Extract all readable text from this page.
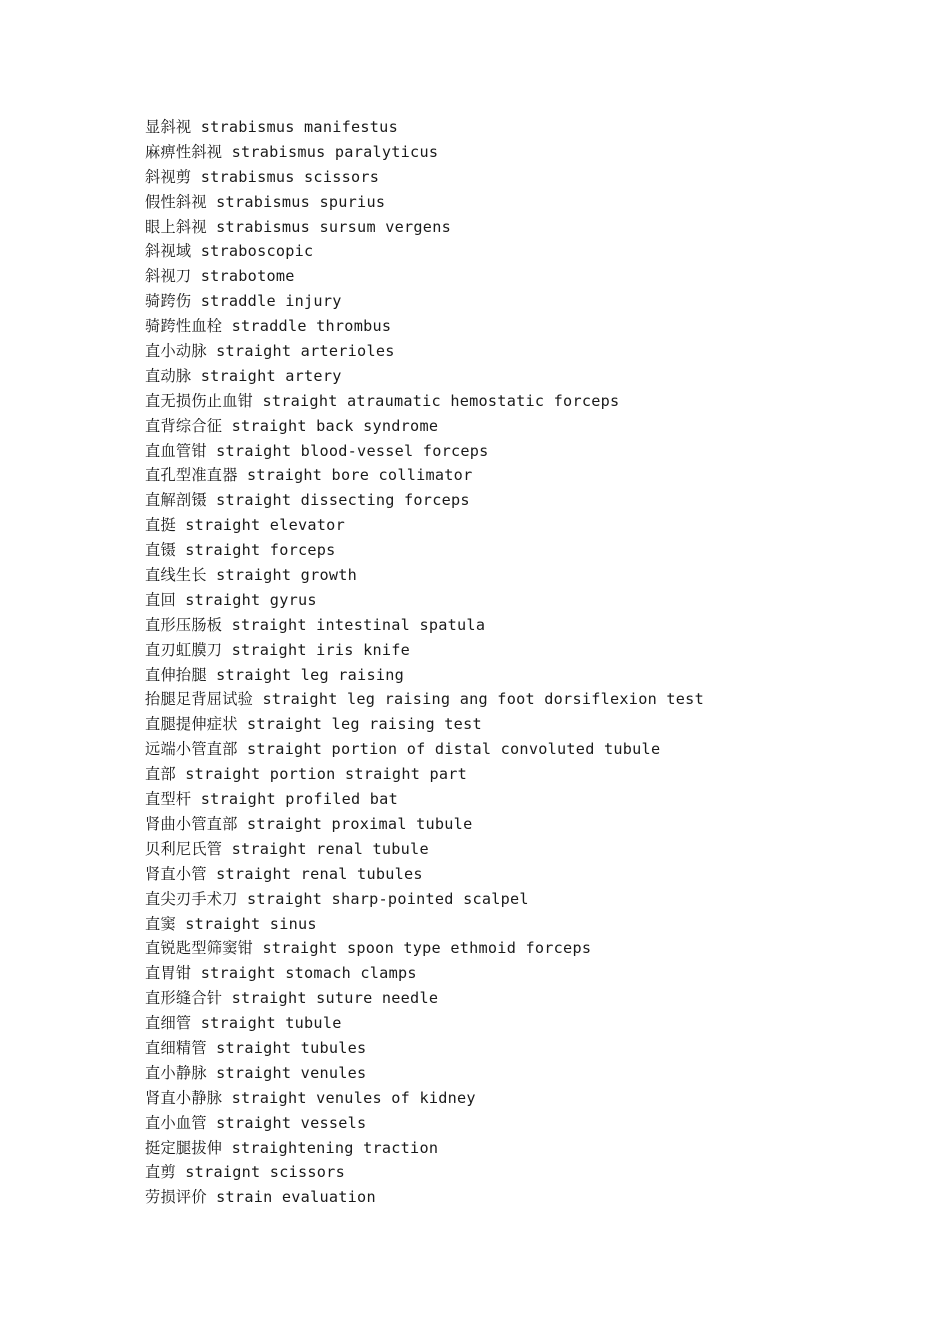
显斜视 strabismus manifestus
麻痹性斜视 strabismus paralyticus
斜视剪 strabismus scissors
假性斜视 strabismus spurius
眼上斜视 strabismus sursum vergens
斜视域 straboscopic
斜视刀 strabotome
骑跨伤 straddle injury
骑跨性血栓 straddle thrombus
直小动脉 straight arterioles
直动脉 straight artery
直无损伤止血钳 straight atraumatic hemostatic forceps
直背综合征 straight back syndrome
直血管钳 straight blood-vessel forceps
直孔型准直器 straight bore collimator
直解剖镊 straight dissecting forceps
直挺 straight elevator
直镊 straight forceps
直线生长 straight growth
直回 straight gyrus
直形压肠板 straight intestinal spatula
直刃虹膜刀 straight iris knife
直伸抬腿 straight leg raising
抬腿足背屈试验 straight leg raising ang foot dorsiflexion test
直腿提伸症状 straight leg raising test
远端小管直部 straight portion of distal convoluted tubule
直部 straight portion straight part
直型杆 straight profiled bat
肾曲小管直部 straight proximal tubule
贝利尼氏管 straight renal tubule
肾直小管 straight renal tubules
直尖刃手术刀 straight sharp-pointed scalpel
直窦 straight sinus
直锐匙型筛窦钳 straight spoon type ethmoid forceps
直胃钳 straight stomach clamps
直形缝合针 straight suture needle
直细管 straight tubule
直细精管 straight tubules
直小静脉 straight venules
肾直小静脉 straight venules of kidney
直小血管 straight vessels
挺定腿拔伸 straightening traction
直剪 straignt scissors
劳损评价 strain evaluation
